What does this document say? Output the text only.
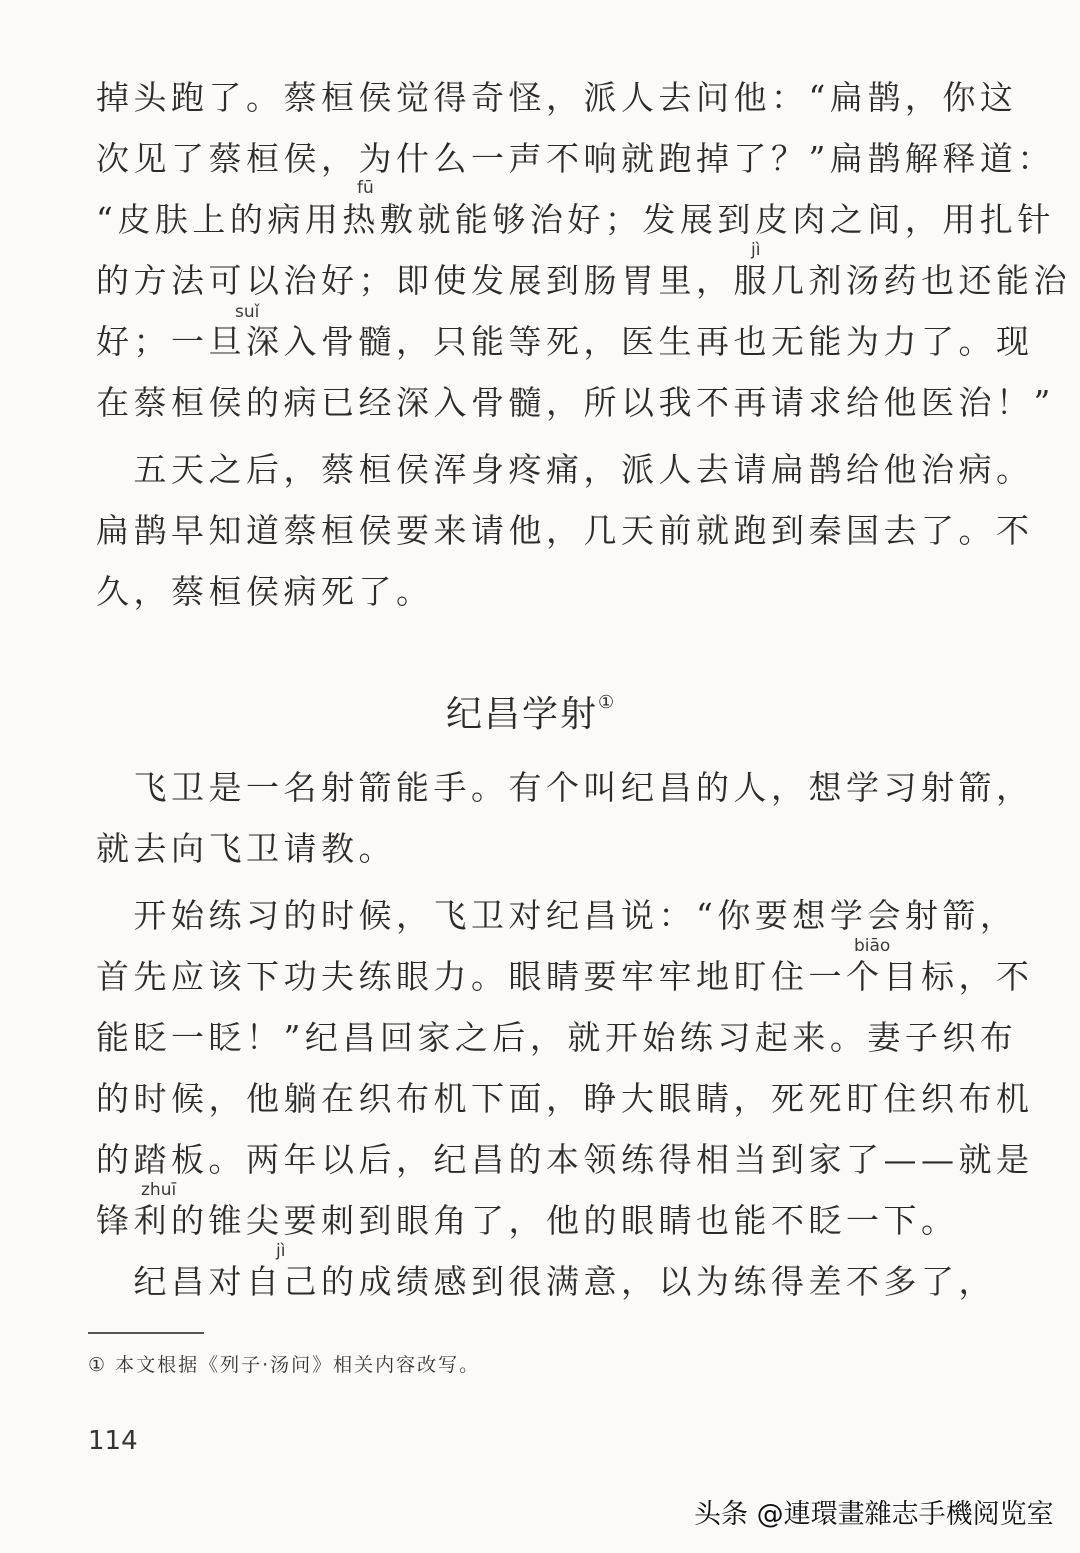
掉头跑了。蔡桓侯觉得奇怪，派人去问他：“扁鹊，你这
次见了蔡桓侯，为什么一声不响就跑掉了？”扁鹊解释道：
“皮肤上的病用热敷就能够治好；发展到皮肉之间，用扎针
的方法可以治好；即使发展到肠胃里，服几剂汤药也还能治
好；一旦深入骨髓，只能等死，医生再也无能为力了。现
在蔡桓侯的病已经深入骨髓，所以我不再请求给他医治！”
　五天之后，蔡桓侯浑身疼痛，派人去请扁鹊给他治病。
扁鹊早知道蔡桓侯要来请他，几天前就跑到秦国去了。不
久，蔡桓侯病死了。
　飞卫是一名射箭能手。有个叫纪昌的人，想学习射箭，
就去向飞卫请教。
　开始练习的时候，飞卫对纪昌说：“你要想学会射箭，
首先应该下功夫练眼力。眼睛要牢牢地盯住一个目标，不
能眨一眨！”纪昌回家之后，就开始练习起来。妻子织布
的时候，他躺在织布机下面，睁大眼睛，死死盯住织布机
的踏板。两年以后，纪昌的本领练得相当到家了——就是
锋利的锥尖要刺到眼角了，他的眼睛也能不眨一下。
　纪昌对自己的成绩感到很满意，以为练得差不多了，
fū
jì
suǐ
biāo
zhuī
jì
纪昌学射①
① 本文根据《列子·汤问》相关内容改写。
114
头条 @連環畫雜志手機阅览室
